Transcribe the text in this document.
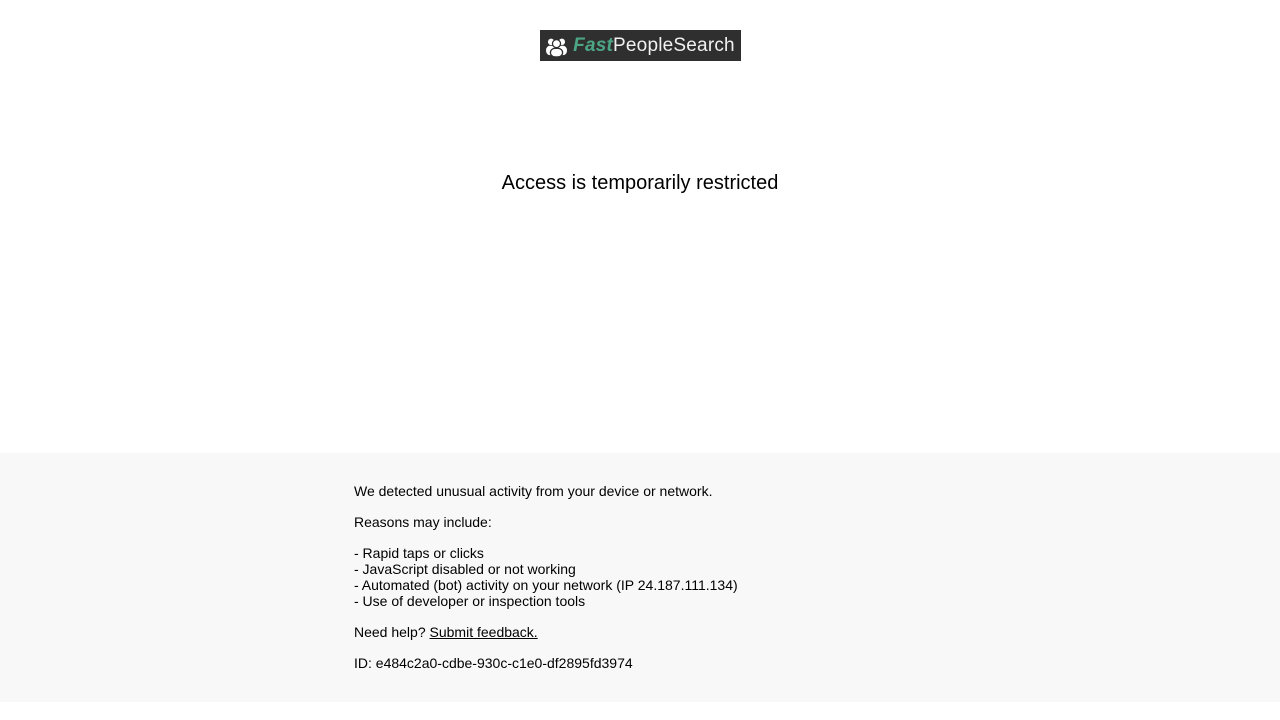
Fast PeopleSearch
Access is temporarily restricted

We detected unusual activity from your device or network.

Reasons may include:

- Rapid taps or clicks
- JavaScript disabled or not working
- Automated (bot) activity on your network (IP 24.187.111.134)
- Use of developer or inspection tools

Need help? Submit feedback.

ID: e484c2a0-cdbe-930c-c1e0-df2895fd3974
